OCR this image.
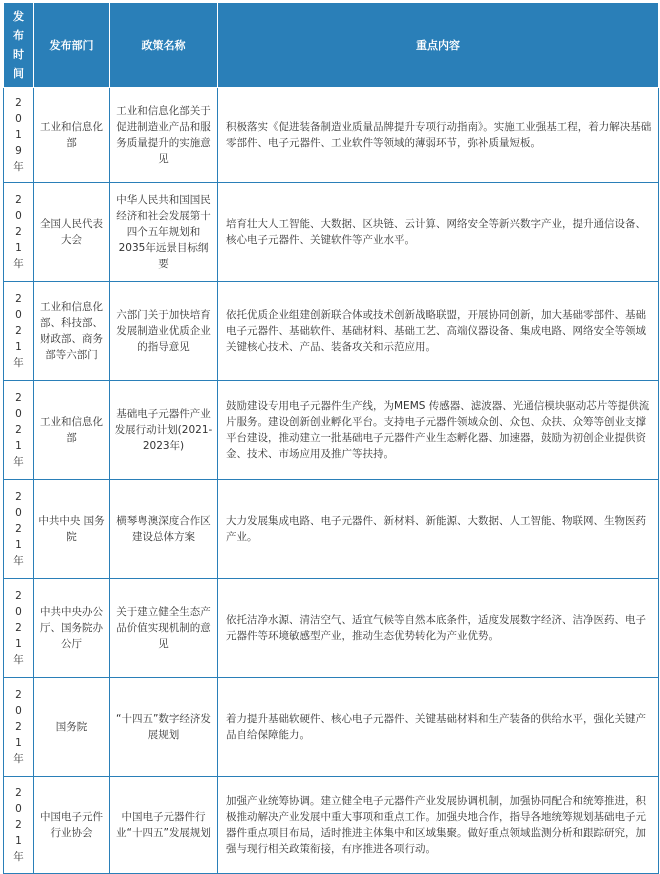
发
布
时
间	发布部门	政策名称	重点内容

2
0
1
9
年	工业和信息化部	工业和信息化部关于促进制造业产品和服务质量提升的实施意见	积极落实《促进装备制造业质量品牌提升专项行动指南》。实施工业强基工程，着力解决基础零部件、电子元器件、工业软件等领域的薄弱环节，弥补质量短板。

2
0
2
1
年	全国人民代表大会	中华人民共和国国民经济和社会发展第十四个五年规划和2035年远景目标纲要	培育壮大人工智能、大数据、区块链、云计算、网络安全等新兴数字产业，提升通信设备、核心电子元器件、关键软件等产业水平。

2
0
2
1
年	工业和信息化部、科技部、财政部、商务部等六部门	六部门关于加快培育发展制造业优质企业的指导意见	依托优质企业组建创新联合体或技术创新战略联盟，开展协同创新，加大基础零部件、基础电子元器件、基础软件、基础材料、基础工艺、高端仪器设备、集成电路、网络安全等领域关键核心技术、产品、装备攻关和示范应用。

2
0
2
1
年	工业和信息化部	基础电子元器件产业发展行动计划(2021-2023年)	鼓励建设专用电子元器件生产线，为MEMS 传感器、滤波器、光通信模块驱动芯片等提供流片服务。建设创新创业孵化平台。支持电子元器件领域众创、众包、众扶、众筹等创业支撑平台建设，推动建立一批基础电子元器件产业生态孵化器、加速器，鼓励为初创企业提供资金、技术、市场应用及推广等扶持。

2
0
2
1
年	中共中央 国务院	横琴粤澳深度合作区建设总体方案	大力发展集成电路、电子元器件、新材料、新能源、大数据、人工智能、物联网、生物医药产业。

2
0
2
1
年	中共中央办公厅、国务院办公厅	关于建立健全生态产品价值实现机制的意见	依托洁净水源、清洁空气、适宜气候等自然本底条件，适度发展数字经济、洁净医药、电子元器件等环境敏感型产业，推动生态优势转化为产业优势。

2
0
2
1
年	国务院	“十四五”数字经济发展规划	着力提升基础软硬件、核心电子元器件、关键基础材料和生产装备的供给水平，强化关键产品自给保障能力。

2
0
2
1
年	中国电子元件行业协会	中国电子元器件行业“十四五”发展规划	加强产业统筹协调。建立健全电子元器件产业发展协调机制，加强协同配合和统筹推进，积极推动解决产业发展中重大事项和重点工作。加强央地合作，指导各地统筹规划基础电子元器件重点项目布局，适时推进主体集中和区域集聚。做好重点领域监测分析和跟踪研究，加强与现行相关政策衔接，有序推进各项行动。
